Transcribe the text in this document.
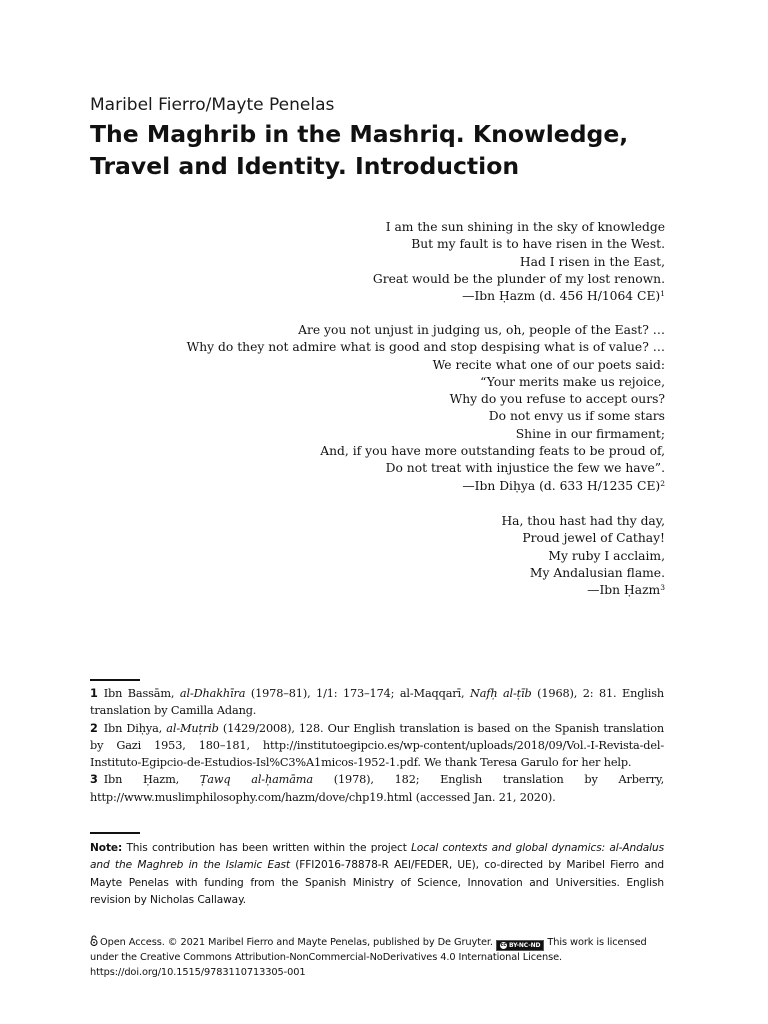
Maribel Fierro/Mayte Penelas
The Maghrib in the Mashriq. Knowledge, Travel and Identity. Introduction
I am the sun shining in the sky of knowledge
But my fault is to have risen in the West.
Had I risen in the East,
Great would be the plunder of my lost renown.
—Ibn Ḥazm (d. 456 H/1064 CE)$^1$
Are you not unjust in judging us, oh, people of the East? …
Why do they not admire what is good and stop despising what is of value? …
We recite what one of our poets said:
“Your merits make us rejoice,
Why do you refuse to accept ours?
Do not envy us if some stars
Shine in our firmament;
And, if you have more outstanding feats to be proud of,
Do not treat with injustice the few we have”.
—Ibn Diḥya (d. 633 H/1235 CE)$^2$
Ha, thou hast had thy day,
Proud jewel of Cathay!
My ruby I acclaim,
My Andalusian flame.
—Ibn Ḥazm$^3$
1 Ibn Bassām, al-Dhakhīra (1978–81), 1/1: 173–174; al-Maqqarī, Nafḥ al-ṭīb (1968), 2: 81. English translation by Camilla Adang.
2 Ibn Diḥya, al-Muṭrib (1429/2008), 128. Our English translation is based on the Spanish translation by Gazi 1953, 180–181, http://institutoegipcio.es/wp-content/uploads/2018/09/Vol.-I-Revista-del-Instituto-Egipcio-de-Estudios-Isl%C3%A1micos-1952-1.pdf. We thank Teresa Garulo for her help.
3 Ibn Ḥazm, Ṭawq al-ḥamāma (1978), 182; English translation by Arberry, http://www.muslimphilosophy.com/hazm/dove/chp19.html (accessed Jan. 21, 2020).
Note: This contribution has been written within the project Local contexts and global dynamics: al-Andalus and the Maghreb in the Islamic East (FFI2016-78878-R AEI/FEDER, UE), co-directed by Maribel Fierro and Mayte Penelas with funding from the Spanish Ministry of Science, Innovation and Universities. English revision by Nicholas Callaway.
Open Access. © 2021 Maribel Fierro and Mayte Penelas, published by De Gruyter. cc BY-NC-ND This work is licensed under the Creative Commons Attribution-NonCommercial-NoDerivatives 4.0 International License.
https://doi.org/10.1515/9783110713305-001
